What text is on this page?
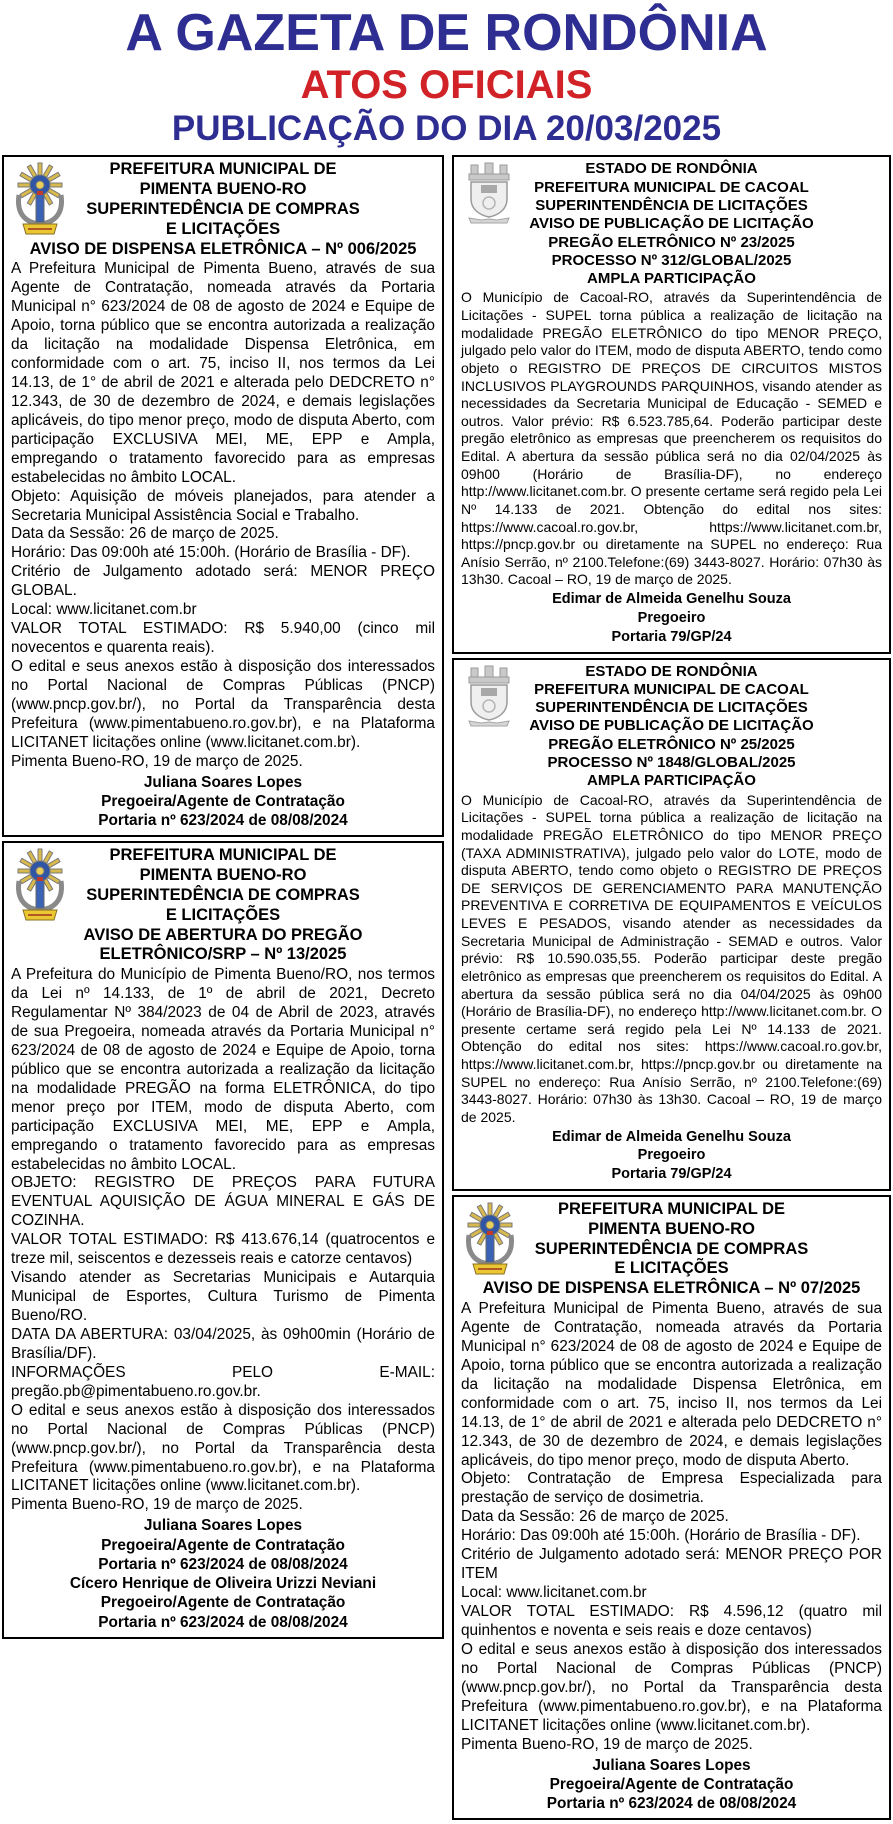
A GAZETA DE RONDÔNIA
ATOS OFICIAIS
PUBLICAÇÃO DO DIA 20/03/2025
PREFEITURA MUNICIPAL DE
PIMENTA BUENO-RO
SUPERINTEDÊNCIA DE COMPRAS
E LICITAÇÕES
AVISO DE DISPENSA ELETRÔNICA – Nº 006/2025
A Prefeitura Municipal de Pimenta Bueno, através de sua Agente de Contratação, nomeada através da Portaria Municipal n° 623/2024 de 08 de agosto de 2024 e Equipe de Apoio, torna público que se encontra autorizada a realização da licitação na modalidade Dispensa Eletrônica, em conformidade com o art. 75, inciso II, nos termos da Lei 14.13, de 1° de abril de 2021 e alterada pelo DEDCRETO n° 12.343, de 30 de dezembro de 2024, e demais legislações aplicáveis, do tipo menor preço, modo de disputa Aberto, com participação EXCLUSIVA MEI, ME, EPP e Ampla, empregando o tratamento favorecido para as empresas estabelecidas no âmbito LOCAL.
Objeto: Aquisição de móveis planejados, para atender a Secretaria Municipal Assistência Social e Trabalho.
Data da Sessão: 26 de março de 2025.
Horário: Das 09:00h até 15:00h. (Horário de Brasília - DF).
Critério de Julgamento adotado será: MENOR PREÇO GLOBAL.
Local: www.licitanet.com.br
VALOR TOTAL ESTIMADO: R$ 5.940,00 (cinco mil novecentos e quarenta reais).
O edital e seus anexos estão à disposição dos interessados no Portal Nacional de Compras Públicas (PNCP) (www.pncp.gov.br/), no Portal da Transparência desta Prefeitura (www.pimentabueno.ro.gov.br), e na Plataforma LICITANET licitações online (www.licitanet.com.br).
Pimenta Bueno-RO, 19 de março de 2025.
Juliana Soares Lopes
Pregoeira/Agente de Contratação
Portaria nº 623/2024 de 08/08/2024
PREFEITURA MUNICIPAL DE
PIMENTA BUENO-RO
SUPERINTEDÊNCIA DE COMPRAS
E LICITAÇÕES
AVISO DE ABERTURA DO PREGÃO
ELETRÔNICO/SRP – Nº 13/2025
A Prefeitura do Município de Pimenta Bueno/RO, nos termos da Lei nº 14.133, de 1º de abril de 2021, Decreto Regulamentar Nº 384/2023 de 04 de Abril de 2023, através de sua Pregoeira, nomeada através da Portaria Municipal n° 623/2024 de 08 de agosto de 2024 e Equipe de Apoio, torna público que se encontra autorizada a realização da licitação na modalidade PREGÃO na forma ELETRÔNICA, do tipo menor preço por ITEM, modo de disputa Aberto, com participação EXCLUSIVA MEI, ME, EPP e Ampla, empregando o tratamento favorecido para as empresas estabelecidas no âmbito LOCAL.
OBJETO: REGISTRO DE PREÇOS PARA FUTURA EVENTUAL AQUISIÇÃO DE ÁGUA MINERAL E GÁS DE COZINHA.
VALOR TOTAL ESTIMADO: R$ 413.676,14 (quatrocentos e treze mil, seiscentos e dezesseis reais e catorze centavos)
Visando atender as Secretarias Municipais e Autarquia Municipal de Esportes, Cultura Turismo de Pimenta Bueno/RO.
DATA DA ABERTURA: 03/04/2025, às 09h00min (Horário de Brasília/DF).
INFORMAÇÕES PELO E-MAIL: pregão.pb@pimentabueno.ro.gov.br.
O edital e seus anexos estão à disposição dos interessados no Portal Nacional de Compras Públicas (PNCP) (www.pncp.gov.br/), no Portal da Transparência desta Prefeitura (www.pimentabueno.ro.gov.br), e na Plataforma LICITANET licitações online (www.licitanet.com.br).
Pimenta Bueno-RO, 19 de março de 2025.
Juliana Soares Lopes
Pregoeira/Agente de Contratação
Portaria nº 623/2024 de 08/08/2024
Cícero Henrique de Oliveira Urizzi Neviani
Pregoeiro/Agente de Contratação
Portaria nº 623/2024 de 08/08/2024
ESTADO DE RONDÔNIA
PREFEITURA MUNICIPAL DE CACOAL
SUPERINTENDÊNCIA DE LICITAÇÕES
AVISO DE PUBLICAÇÃO DE LICITAÇÃO
PREGÃO ELETRÔNICO Nº 23/2025
PROCESSO Nº 312/GLOBAL/2025
AMPLA PARTICIPAÇÃO
O Município de Cacoal-RO, através da Superintendência de Licitações - SUPEL torna pública a realização de licitação na modalidade PREGÃO ELETRÔNICO do tipo MENOR PREÇO, julgado pelo valor do ITEM, modo de disputa ABERTO, tendo como objeto o REGISTRO DE PREÇOS DE CIRCUITOS MISTOS INCLUSIVOS PLAYGROUNDS PARQUINHOS, visando atender as necessidades da Secretaria Municipal de Educação - SEMED e outros. Valor prévio: R$ 6.523.785,64. Poderão participar deste pregão eletrônico as empresas que preencherem os requisitos do Edital. A abertura da sessão pública será no dia 02/04/2025 às 09h00 (Horário de Brasília-DF), no endereço http://www.licitanet.com.br. O presente certame será regido pela Lei Nº 14.133 de 2021. Obtenção do edital nos sites: https://www.cacoal.ro.gov.br, https://www.licitanet.com.br, https://pncp.gov.br ou diretamente na SUPEL no endereço: Rua Anísio Serrão, nº 2100.Telefone:(69) 3443-8027. Horário: 07h30 às 13h30. Cacoal – RO, 19 de março de 2025.
Edimar de Almeida Genelhu Souza
Pregoeiro
Portaria 79/GP/24
ESTADO DE RONDÔNIA
PREFEITURA MUNICIPAL DE CACOAL
SUPERINTENDÊNCIA DE LICITAÇÕES
AVISO DE PUBLICAÇÃO DE LICITAÇÃO
PREGÃO ELETRÔNICO Nº 25/2025
PROCESSO Nº 1848/GLOBAL/2025
AMPLA PARTICIPAÇÃO
O Município de Cacoal-RO, através da Superintendência de Licitações - SUPEL torna pública a realização de licitação na modalidade PREGÃO ELETRÔNICO do tipo MENOR PREÇO (TAXA ADMINISTRATIVA), julgado pelo valor do LOTE, modo de disputa ABERTO, tendo como objeto o REGISTRO DE PREÇOS DE SERVIÇOS DE GERENCIAMENTO PARA MANUTENÇÃO PREVENTIVA E CORRETIVA DE EQUIPAMENTOS E VEÍCULOS LEVES E PESADOS, visando atender as necessidades da Secretaria Municipal de Administração - SEMAD e outros. Valor prévio: R$ 10.590.035,55. Poderão participar deste pregão eletrônico as empresas que preencherem os requisitos do Edital. A abertura da sessão pública será no dia 04/04/2025 às 09h00 (Horário de Brasília-DF), no endereço http://www.licitanet.com.br. O presente certame será regido pela Lei Nº 14.133 de 2021. Obtenção do edital nos sites: https://www.cacoal.ro.gov.br, https://www.licitanet.com.br, https://pncp.gov.br ou diretamente na SUPEL no endereço: Rua Anísio Serrão, nº 2100.Telefone:(69) 3443-8027. Horário: 07h30 às 13h30. Cacoal – RO, 19 de março de 2025.
Edimar de Almeida Genelhu Souza
Pregoeiro
Portaria 79/GP/24
PREFEITURA MUNICIPAL DE
PIMENTA BUENO-RO
SUPERINTEDÊNCIA DE COMPRAS
E LICITAÇÕES
AVISO DE DISPENSA ELETRÔNICA – Nº 07/2025
A Prefeitura Municipal de Pimenta Bueno, através de sua Agente de Contratação, nomeada através da Portaria Municipal n° 623/2024 de 08 de agosto de 2024 e Equipe de Apoio, torna público que se encontra autorizada a realização da licitação na modalidade Dispensa Eletrônica, em conformidade com o art. 75, inciso II, nos termos da Lei 14.13, de 1° de abril de 2021 e alterada pelo DEDCRETO n° 12.343, de 30 de dezembro de 2024, e demais legislações aplicáveis, do tipo menor preço, modo de disputa Aberto.
Objeto: Contratação de Empresa Especializada para prestação de serviço de dosimetria.
Data da Sessão: 26 de março de 2025.
Horário: Das 09:00h até 15:00h. (Horário de Brasília - DF).
Critério de Julgamento adotado será: MENOR PREÇO POR ITEM
Local: www.licitanet.com.br
VALOR TOTAL ESTIMADO: R$ 4.596,12 (quatro mil quinhentos e noventa e seis reais e doze centavos)
O edital e seus anexos estão à disposição dos interessados no Portal Nacional de Compras Públicas (PNCP) (www.pncp.gov.br/), no Portal da Transparência desta Prefeitura (www.pimentabueno.ro.gov.br), e na Plataforma LICITANET licitações online (www.licitanet.com.br).
Pimenta Bueno-RO, 19 de março de 2025.
Juliana Soares Lopes
Pregoeira/Agente de Contratação
Portaria nº 623/2024 de 08/08/2024
